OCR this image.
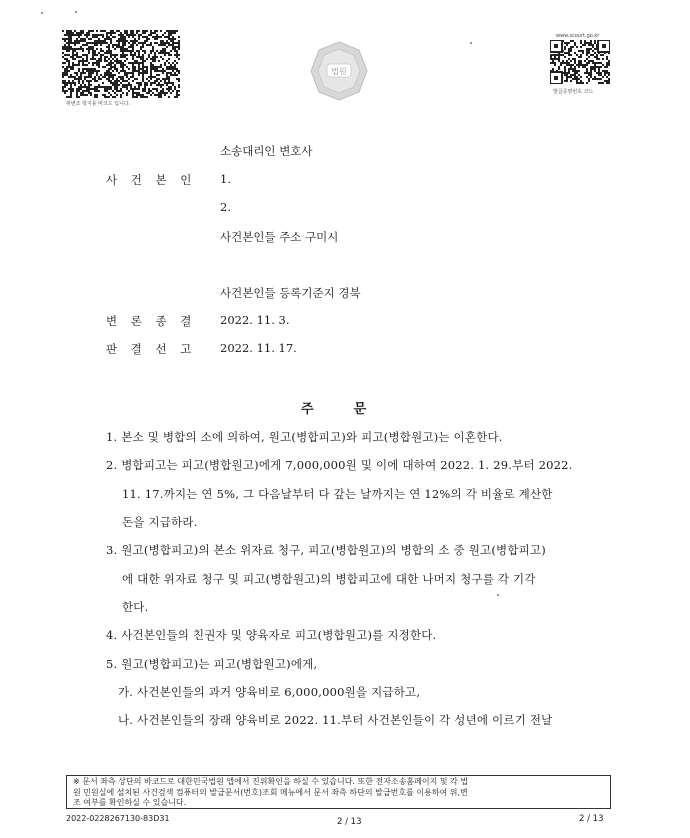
위변조 방지용 바코드 입니다.
법원
www.scourt.go.kr
발급증명번호 코드
소송대리인 변호사
사 건 본 인 1.
2.
사건본인들 주소 구미시
사건본인들 등록기준지 경북
변 론 종 결 2022. 11. 3.
판 결 선 고 2022. 11. 17.
주	문
1. 본소 및 병합의 소에 의하여, 원고(병합피고)와 피고(병합원고)는 이혼한다.
2. 병합피고는 피고(병합원고)에게 7,000,000원 및 이에 대하여 2022. 1. 29.부터 2022.
11. 17.까지는 연 5%, 그 다음날부터 다 갚는 날까지는 연 12%의 각 비율로 계산한
돈을 지급하라.
3. 원고(병합피고)의 본소 위자료 청구, 피고(병합원고)의 병합의 소 중 원고(병합피고)
에 대한 위자료 청구 및 피고(병합원고)의 병합피고에 대한 나머지 청구를 각 기각
한다.
4. 사건본인들의 친권자 및 양육자로 피고(병합원고)를 지정한다.
5. 원고(병합피고)는 피고(병합원고)에게,
가. 사건본인들의 과거 양육비로 6,000,000원을 지급하고,
나. 사건본인들의 장래 양육비로 2022. 11.부터 사건본인들이 각 성년에 이르기 전날
※ 문서 좌측 상단의 바코드로 대한민국법원 앱에서 진위확인을 하실 수 있습니다. 또한 전자소송홈페이지 및 각 법
원 민원실에 설치된 사건검색 컴퓨터의 발급문서(번호)조회 메뉴에서 문서 좌측 하단의 발급번호를 이용하여 위,변
조 여부를 확인하실 수 있습니다.
2022-0228267130-83D31	2 / 13	2 / 13
